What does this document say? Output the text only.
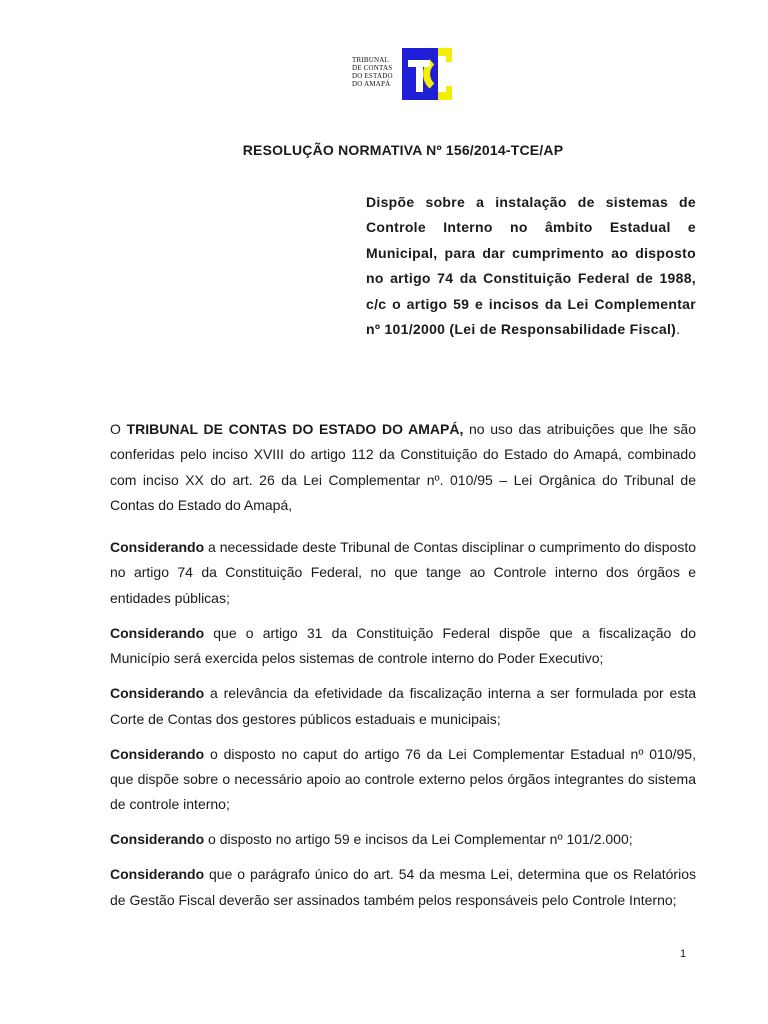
TRIBUNAL
DE CONTAS
DO ESTADO
DO AMAPÁ
RESOLUÇÃO NORMATIVA Nº 156/2014-TCE/AP
Dispõe sobre a instalação de sistemas de Controle Interno no âmbito Estadual e Municipal, para dar cumprimento ao disposto no artigo 74 da Constituição Federal de 1988, c/c o artigo 59 e incisos da Lei Complementar nº 101/2000 (Lei de Responsabilidade Fiscal).
O TRIBUNAL DE CONTAS DO ESTADO DO AMAPÁ, no uso das atribuições que lhe são conferidas pelo inciso XVIII do artigo 112 da Constituição do Estado do Amapá, combinado com inciso XX do art. 26 da Lei Complementar nº. 010/95 – Lei Orgânica do Tribunal de Contas do Estado do Amapá,

Considerando a necessidade deste Tribunal de Contas disciplinar o cumprimento do disposto no artigo 74 da Constituição Federal, no que tange ao Controle interno dos órgãos e entidades públicas;

Considerando que o artigo 31 da Constituição Federal dispõe que a fiscalização do Município será exercida pelos sistemas de controle interno do Poder Executivo;

Considerando a relevância da efetividade da fiscalização interna a ser formulada por esta Corte de Contas dos gestores públicos estaduais e municipais;

Considerando o disposto no caput do artigo 76 da Lei Complementar Estadual nº 010/95, que dispõe sobre o necessário apoio ao controle externo pelos órgãos integrantes do sistema de controle interno;

Considerando o disposto no artigo 59 e incisos da Lei Complementar nº 101/2.000;

Considerando que o parágrafo único do art. 54 da mesma Lei, determina que os Relatórios de Gestão Fiscal deverão ser assinados também pelos responsáveis pelo Controle Interno;

1
